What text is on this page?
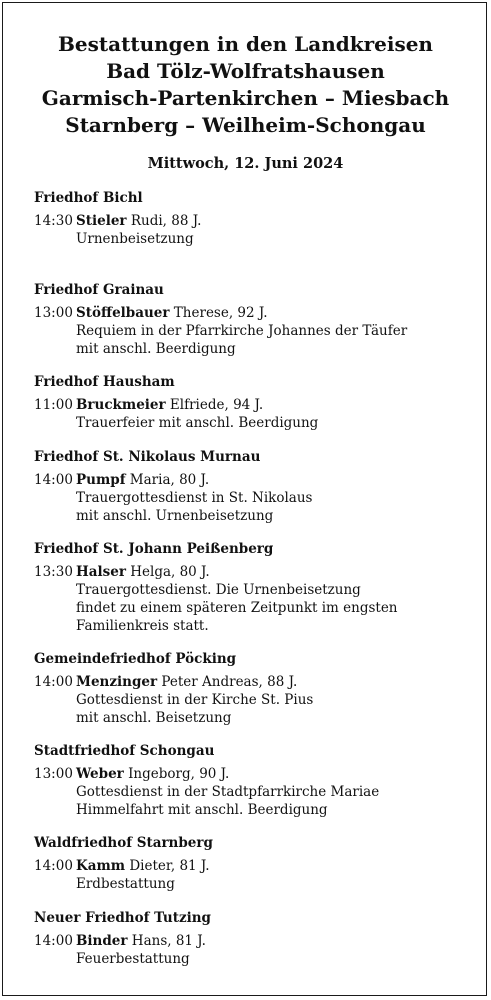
Bestattungen in den Landkreisen
Bad Tölz-Wolfratshausen
Garmisch-Partenkirchen – Miesbach
Starnberg – Weilheim-Schongau
Mittwoch, 12. Juni 2024
Friedhof Bichl
14:30 Stieler Rudi, 88 J.
Urnenbeisetzung
Friedhof Grainau
13:00 Stöffelbauer Therese, 92 J.
Requiem in der Pfarrkirche Johannes der Täufer
mit anschl. Beerdigung
Friedhof Hausham
11:00 Bruckmeier Elfriede, 94 J.
Trauerfeier mit anschl. Beerdigung
Friedhof St. Nikolaus Murnau
14:00 Pumpf Maria, 80 J.
Trauergottesdienst in St. Nikolaus
mit anschl. Urnenbeisetzung
Friedhof St. Johann Peißenberg
13:30 Halser Helga, 80 J.
Trauergottesdienst. Die Urnenbeisetzung
findet zu einem späteren Zeitpunkt im engsten
Familienkreis statt.
Gemeindefriedhof Pöcking
14:00 Menzinger Peter Andreas, 88 J.
Gottesdienst in der Kirche St. Pius
mit anschl. Beisetzung
Stadtfriedhof Schongau
13:00 Weber Ingeborg, 90 J.
Gottesdienst in der Stadtpfarrkirche Mariae
Himmelfahrt mit anschl. Beerdigung
Waldfriedhof Starnberg
14:00 Kamm Dieter, 81 J.
Erdbestattung
Neuer Friedhof Tutzing
14:00 Binder Hans, 81 J.
Feuerbestattung
